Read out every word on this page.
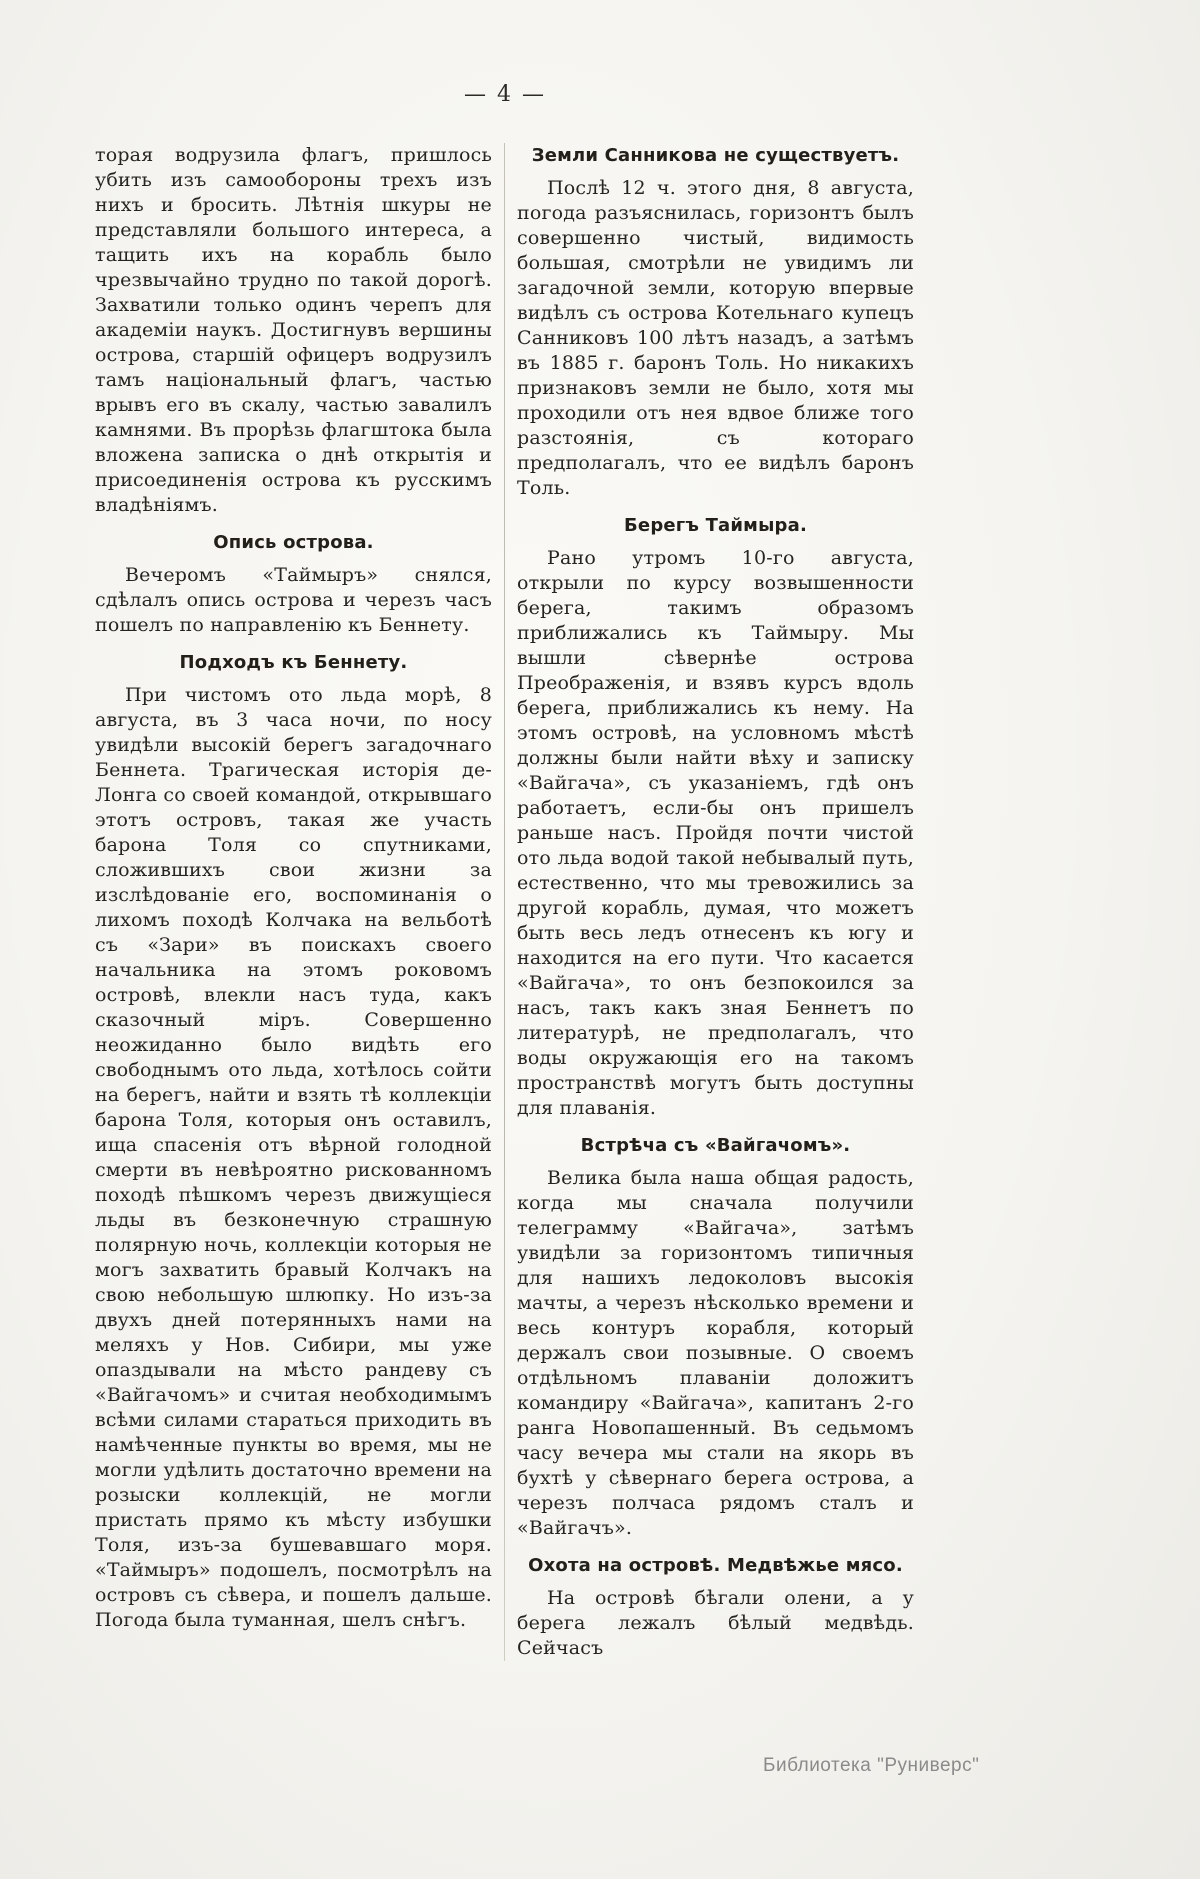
— 4 —

торая водрузила флагъ, пришлось убить изъ самообороны трехъ изъ нихъ и бросить. Лѣтнія шкуры не представляли большого интереса, а тащить ихъ на корабль было чрезвычайно трудно по такой дорогѣ. Захватили только одинъ черепъ для академіи наукъ. Достигнувъ вершины острова, старшій офицеръ водрузилъ тамъ національный флагъ, частью врывъ его въ скалу, частью завалилъ камнями. Въ прорѣзь флагштока была вложена записка о днѣ открытія и присоединенія острова къ русскимъ владѣніямъ.

Опись острова.

Вечеромъ «Таймыръ» снялся, сдѣлалъ опись острова и черезъ часъ пошелъ по направленію къ Беннету.

Подходъ къ Беннету.

При чистомъ ото льда морѣ, 8 августа, въ 3 часа ночи, по носу увидѣли высокій берегъ загадочнаго Беннета. Трагическая исторія де-Лонга со своей командой, открывшаго этотъ островъ, такая же участь барона Толя со спутниками, сложившихъ свои жизни за изслѣдованіе его, воспоминанія о лихомъ походѣ Колчака на вельботѣ съ «Зари» въ поискахъ своего начальника на этомъ роковомъ островѣ, влекли насъ туда, какъ сказочный міръ. Совершенно неожиданно было видѣть его свободнымъ ото льда, хотѣлось сойти на берегъ, найти и взять тѣ коллекціи барона Толя, которыя онъ оставилъ, ища спасенія отъ вѣрной голодной смерти въ невѣроятно рискованномъ походѣ пѣшкомъ черезъ движущіеся льды въ безконечную страшную полярную ночь, коллекціи которыя не могъ захватить бравый Колчакъ на свою небольшую шлюпку. Но изъ-за двухъ дней потерянныхъ нами на меляхъ у Нов. Сибири, мы уже опаздывали на мѣсто рандеву съ «Вайгачомъ» и считая необходимымъ всѣми силами стараться приходить въ намѣченные пункты во время, мы не могли удѣлить достаточно времени на розыски коллекцій, не могли пристать прямо къ мѣсту избушки Толя, изъ-за бушевавшаго моря. «Таймыръ» подошелъ, посмотрѣлъ на островъ съ сѣвера, и пошелъ дальше. Погода была туманная, шелъ снѣгъ.

Земли Санникова не существуетъ.

Послѣ 12 ч. этого дня, 8 августа, погода разъяснилась, горизонтъ былъ совершенно чистый, видимость большая, смотрѣли не увидимъ ли загадочной земли, которую впервые видѣлъ съ острова Котельнаго купецъ Санниковъ 100 лѣтъ назадъ, а затѣмъ въ 1885 г. баронъ Толь. Но никакихъ признаковъ земли не было, хотя мы проходили отъ нея вдвое ближе того разстоянія, съ котораго предполагалъ, что ее видѣлъ баронъ Толь.

Берегъ Таймыра.

Рано утромъ 10-го августа, открыли по курсу возвышенности берега, такимъ образомъ приближались къ Таймыру. Мы вышли сѣвернѣе острова Преображенія, и взявъ курсъ вдоль берега, приближались къ нему. На этомъ островѣ, на условномъ мѣстѣ должны были найти вѣху и записку «Вайгача», съ указаніемъ, гдѣ онъ работаетъ, если-бы онъ пришелъ раньше насъ. Пройдя почти чистой ото льда водой такой небывалый путь, естественно, что мы тревожились за другой корабль, думая, что можетъ быть весь ледъ отнесенъ къ югу и находится на его пути. Что касается «Вайгача», то онъ безпокоился за насъ, такъ какъ зная Беннетъ по литературѣ, не предполагалъ, что воды окружающія его на такомъ пространствѣ могутъ быть доступны для плаванія.

Встрѣча съ «Вайгачомъ».

Велика была наша общая радость, когда мы сначала получили телеграмму «Вайгача», затѣмъ увидѣли за горизонтомъ типичныя для нашихъ ледоколовъ высокія мачты, а черезъ нѣсколько времени и весь контуръ корабля, который держалъ свои позывные. О своемъ отдѣльномъ плаваніи доложитъ командиру «Вайгача», капитанъ 2-го ранга Новопашенный. Въ седьмомъ часу вечера мы стали на якорь въ бухтѣ у сѣвернаго берега острова, а черезъ полчаса рядомъ сталъ и «Вайгачъ».

Охота на островѣ. Медвѣжье мясо.

На островѣ бѣгали олени, а у берега лежалъ бѣлый медвѣдь. Сейчасъ

Библиотека "Руниверс"
